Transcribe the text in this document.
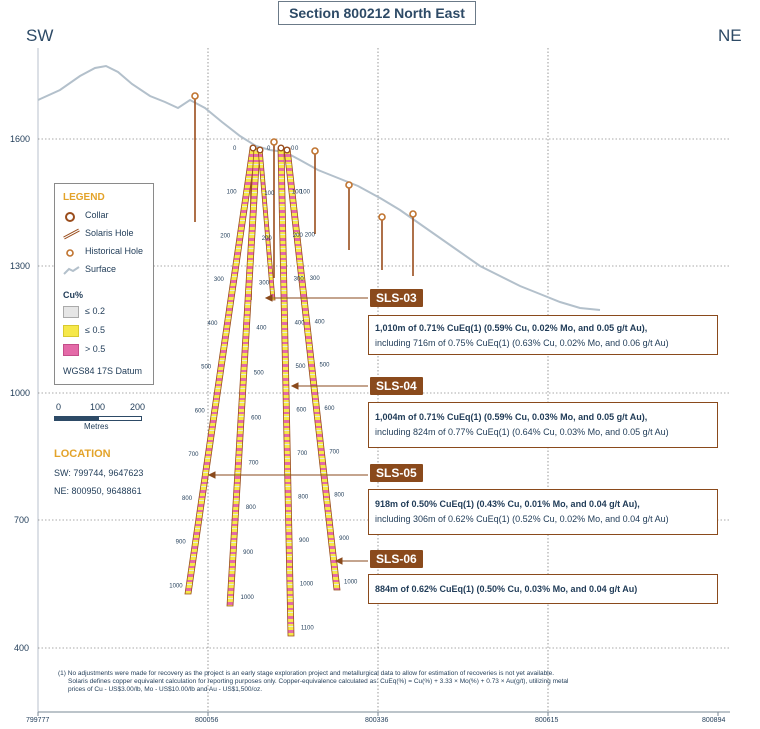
0
100
200
300
400
500
600
700
800
900
1000
0
100
200
300
400
500
600
700
800
900
1000
0
100
200
300
400
500
600
700
800
900
1000
1100
0
100
200
300
400
500
600
700
800
900
1000
Section 800212 North East
SW	NE
1600
1300
1000
700
400
799777	800056	800336	800615	800894
LEGEND
Collar
Solaris Hole
Historical Hole
Surface
Cu%
≤ 0.2
≤ 0.5
> 0.5
WGS84 17S Datum
0	100	200
Metres
LOCATION
SW: 799744, 9647623
NE: 800950, 9648861
SLS-03
1,010m of 0.71% CuEq(1) (0.59% Cu, 0.02% Mo, and 0.05 g/t Au),
including 716m of 0.75% CuEq(1) (0.63% Cu, 0.02% Mo, and 0.06 g/t Au)
SLS-04
1,004m of 0.71% CuEq(1) (0.59% Cu, 0.03% Mo, and 0.05 g/t Au),
including 824m of 0.77% CuEq(1) (0.64% Cu, 0.03% Mo, and 0.05 g/t Au)
SLS-05
918m of 0.50% CuEq(1) (0.43% Cu, 0.01% Mo, and 0.04 g/t Au),
including 306m of 0.62% CuEq(1) (0.52% Cu, 0.02% Mo, and 0.04 g/t Au)
SLS-06
884m of 0.62% CuEq(1) (0.50% Cu, 0.03% Mo, and 0.04 g/t Au)
(1) No adjustments were made for recovery as the project is an early stage exploration project and metallurgical data to allow for estimation of recoveries is not yet available.
Solaris defines copper equivalent calculation for reporting purposes only. Copper-equivalence calculated as: CuEq(%) = Cu(%) + 3.33 × Mo(%) + 0.73 × Au(g/t), utilizing metal
prices of Cu - US$3.00/lb, Mo - US$10.00/lb and Au - US$1,500/oz.
